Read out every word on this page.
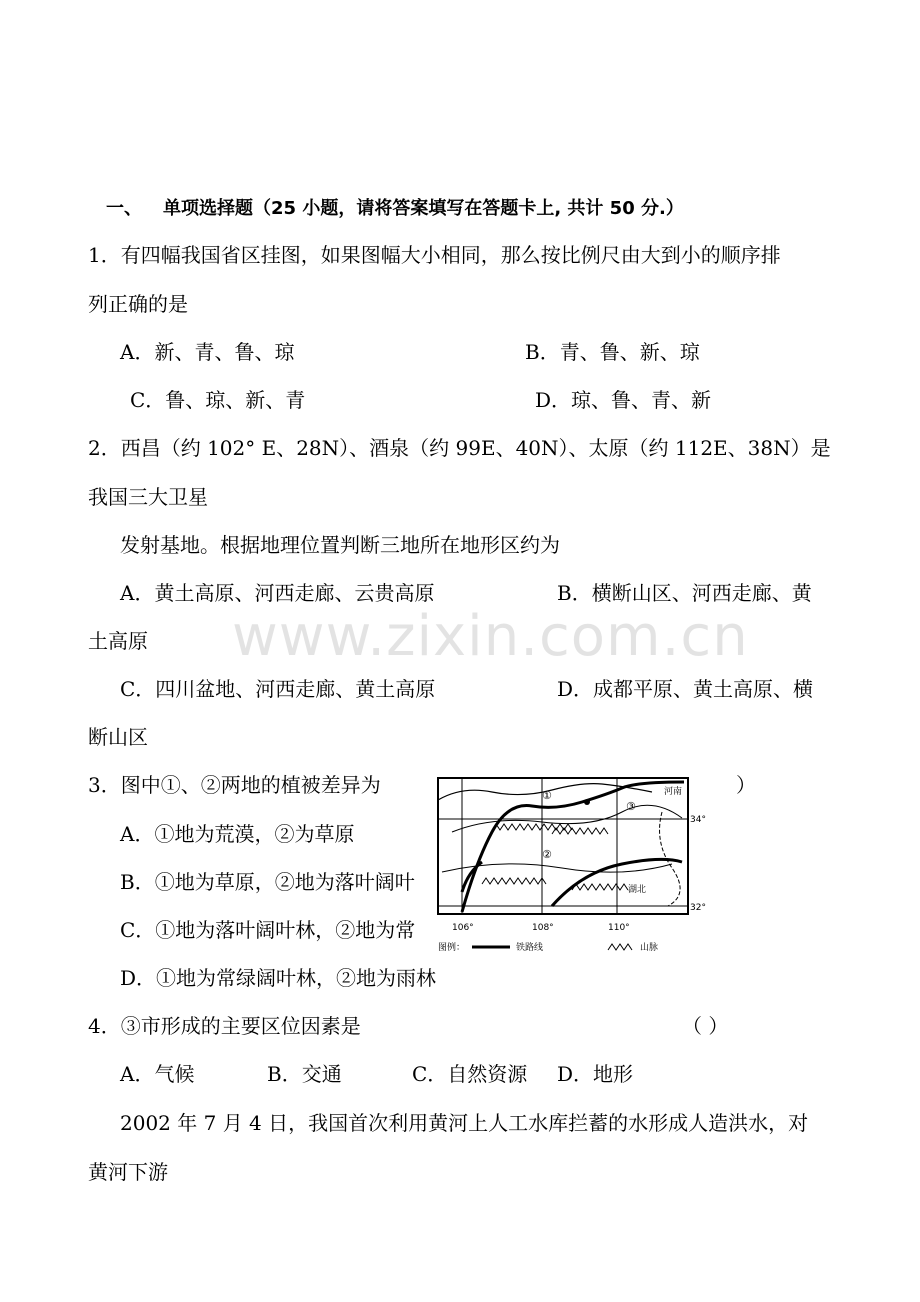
一、 单项选择题（25 小题，请将答案填写在答题卡上, 共计 50 分.）
1．有四幅我国省区挂图，如果图幅大小相同，那么按比例尺由大到小的顺序排
列正确的是
A．新、青、鲁、琼	B．青、鲁、新、琼
C．鲁、琼、新、青	D．琼、鲁、青、新
2．西昌（约 102° E、28N）、酒泉（约 99E、40N）、太原（约 112E、38N）是
我国三大卫星
发射基地。根据地理位置判断三地所在地形区约为
A．黄土高原、河西走廊、云贵高原	B．横断山区、河西走廊、黄
土高原
C．四川盆地、河西走廊、黄土高原	D．成都平原、黄土高原、横
断山区
3．图中①、②两地的植被差异为	）
A．①地为荒漠，②为草原
B．①地为草原，②地为落叶阔叶
C．①地为落叶阔叶林，②地为常
D．①地为常绿阔叶林，②地为雨林
①
②
③
河南
湖北
34°
32°
106°	108°	110°
图例：	铁路线	山脉
4．③市形成的主要区位因素是	（ ）
A．气候	B．交通	C．自然资源 D．地形
2002 年 7 月 4 日，我国首次利用黄河上人工水库拦蓄的水形成人造洪水，对
黄河下游
www.zixin.com.cn
